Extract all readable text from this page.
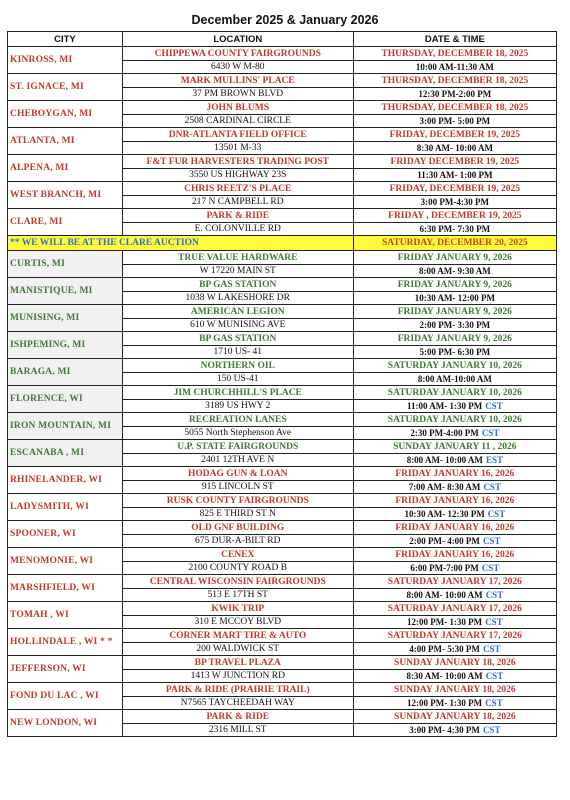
December 2025 & January 2026
CITY	LOCATION	DATE & TIME
KINROSS, MI	CHIPPEWA COUNTY FAIRGROUNDS	THURSDAY, DECEMBER 18, 2025
	6430 W M-80	10:00 AM-11:30 AM
ST. IGNACE, MI	MARK MULLINS' PLACE	THURSDAY, DECEMBER 18, 2025
	37 PM BROWN BLVD	12:30 PM-2:00 PM
CHEBOYGAN, MI	JOHN BLUMS	THURSDAY, DECEMBER 18, 2025
	2508 CARDINAL CIRCLE	3:00 PM- 5:00 PM
ATLANTA, MI	DNR-ATLANTA FIELD OFFICE	FRIDAY, DECEMBER 19, 2025
	13501 M-33	8:30 AM- 10:00 AM
ALPENA, MI	F&T FUR HARVESTERS TRADING POST	FRIDAY DECEMBER 19, 2025
	3550 US HIGHWAY 23S	11:30 AM- 1:00 PM
WEST BRANCH, MI	CHRIS REETZ'S PLACE	FRIDAY, DECEMBER 19, 2025
	217 N CAMPBELL RD	3:00 PM-4:30 PM
CLARE, MI	PARK & RIDE	FRIDAY , DECEMBER 19, 2025
	E. COLONVILLE RD	6:30 PM- 7:30 PM
** WE WILL BE AT THE CLARE AUCTION		SATURDAY, DECEMBER 20, 2025
CURTIS, MI	TRUE VALUE HARDWARE	FRIDAY JANUARY 9, 2026
	W 17220 MAIN ST	8:00 AM- 9:30 AM
MANISTIQUE, MI	BP GAS STATION	FRIDAY JANUARY 9, 2026
	1038 W LAKESHORE DR	10:30 AM- 12:00 PM
MUNISING, MI	AMERICAN LEGION	FRIDAY JANUARY 9, 2026
	610 W MUNISING AVE	2:00 PM- 3:30 PM
ISHPEMING, MI	BP GAS STATION	FRIDAY JANUARY 9, 2026
	1710 US- 41	5:00 PM- 6:30 PM
BARAGA, MI	NORTHERN OIL	SATURDAY JANUARY 10, 2026
	150 US-41	8:00 AM-10:00 AM
FLORENCE, WI	JIM CHURCHHILL'S PLACE	SATURDAY JANUARY 10, 2026
	3189 US HWY 2	11:00 AM- 1:30 PM CST
IRON MOUNTAIN, MI	RECREATION LANES	SATURDAY JANUARY 10, 2026
	5055 North Stephenson Ave	2:30 PM-4:00 PM CST
ESCANABA , MI	U.P. STATE FAIRGROUNDS	SUNDAY JANUARY 11 , 2026
	2401 12TH AVE N	8:00 AM- 10:00 AM EST
RHINELANDER, WI	HODAG GUN & LOAN	FRIDAY JANUARY 16, 2026
	915 LINCOLN ST	7:00 AM- 8:30 AM CST
LADYSMITH, WI	RUSK COUNTY FAIRGROUNDS	FRIDAY JANUARY 16, 2026
	825 E THIRD ST N	10:30 AM- 12:30 PM CST
SPOONER, WI	OLD GNF BUILDING	FRIDAY JANUARY 16, 2026
	675 DUR-A-BILT RD	2:00 PM- 4:00 PM CST
MENOMONIE, WI	CENEX	FRIDAY JANUARY 16, 2026
	2100 COUNTY ROAD B	6:00 PM-7:00 PM CST
MARSHFIELD, WI	CENTRAL WISCONSIN FAIRGROUNDS	SATURDAY JANUARY 17, 2026
	513 E 17TH ST	8:00 AM- 10:00 AM CST
TOMAH , WI	KWIK TRIP	SATURDAY JANUARY 17, 2026
	310 E MCCOY BLVD	12:00 PM- 1:30 PM CST
HOLLINDALE , WI * *	CORNER MART TIRE & AUTO	SATURDAY JANUARY 17, 2026
	200 WALDWICK ST	4:00 PM- 5:30 PM CST
JEFFERSON, WI	BP TRAVEL PLAZA	SUNDAY JANUARY 18, 2026
	1413 W JUNCTION RD	8:30 AM- 10:00 AM CST
FOND DU LAC , WI	PARK & RIDE (PRAIRIE TRAIL)	SUNDAY JANUARY 18, 2026
	N7565 TAYCHEEDAH WAY	12:00 PM- 1:30 PM CST
NEW LONDON, WI	PARK & RIDE	SUNDAY JANUARY 18, 2026
	2316 MILL ST	3:00 PM- 4:30 PM CST
